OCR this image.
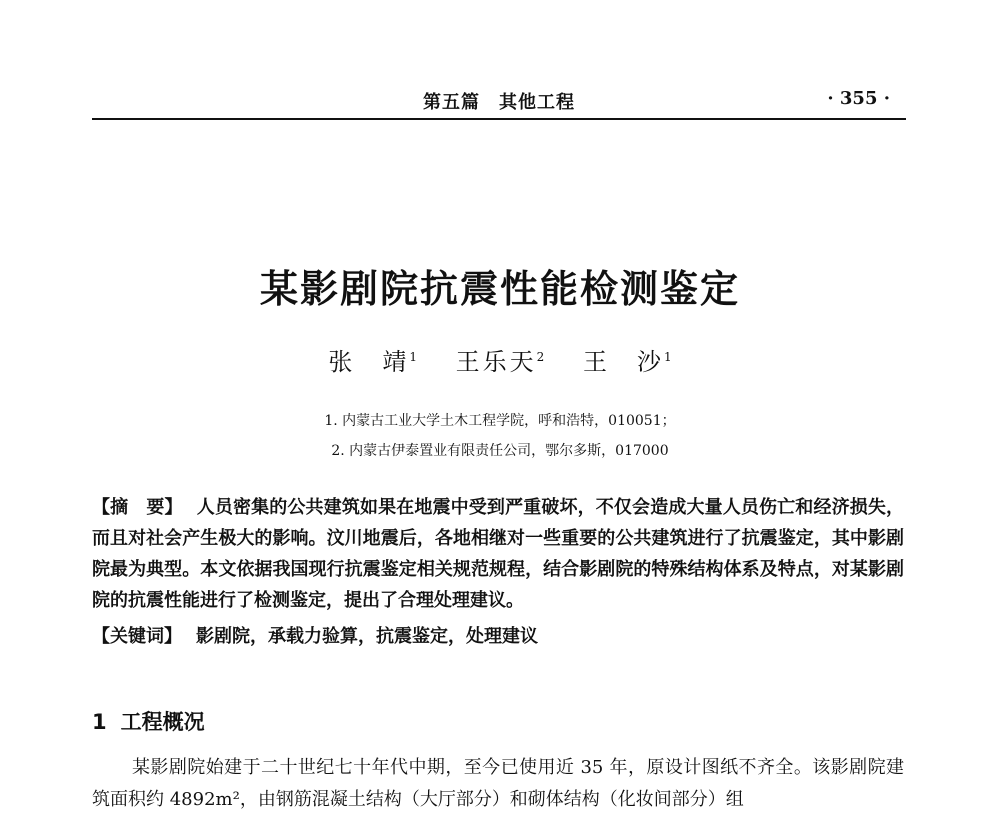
第五篇　其他工程	· 355 ·
某影剧院抗震性能检测鉴定
张　靖$^1$ 王乐天$^2$ 王　沙$^1$
1. 内蒙古工业大学土木工程学院，呼和浩特，010051；
2. 内蒙古伊泰置业有限责任公司，鄂尔多斯，017000
【摘　要】 人员密集的公共建筑如果在地震中受到严重破坏，不仅会造成大量人员伤亡和经济损失，而且对社会产生极大的影响。汶川地震后，各地相继对一些重要的公共建筑进行了抗震鉴定，其中影剧院最为典型。本文依据我国现行抗震鉴定相关规范规程，结合影剧院的特殊结构体系及特点，对某影剧院的抗震性能进行了检测鉴定，提出了合理处理建议。
【关键词】 影剧院，承载力验算，抗震鉴定，处理建议
1 工程概况
某影剧院始建于二十世纪七十年代中期，至今已使用近 35 年，原设计图纸不齐全。该影剧院建筑面积约 4892m²，由钢筋混凝土结构（大厅部分）和砌体结构（化妆间部分）组
